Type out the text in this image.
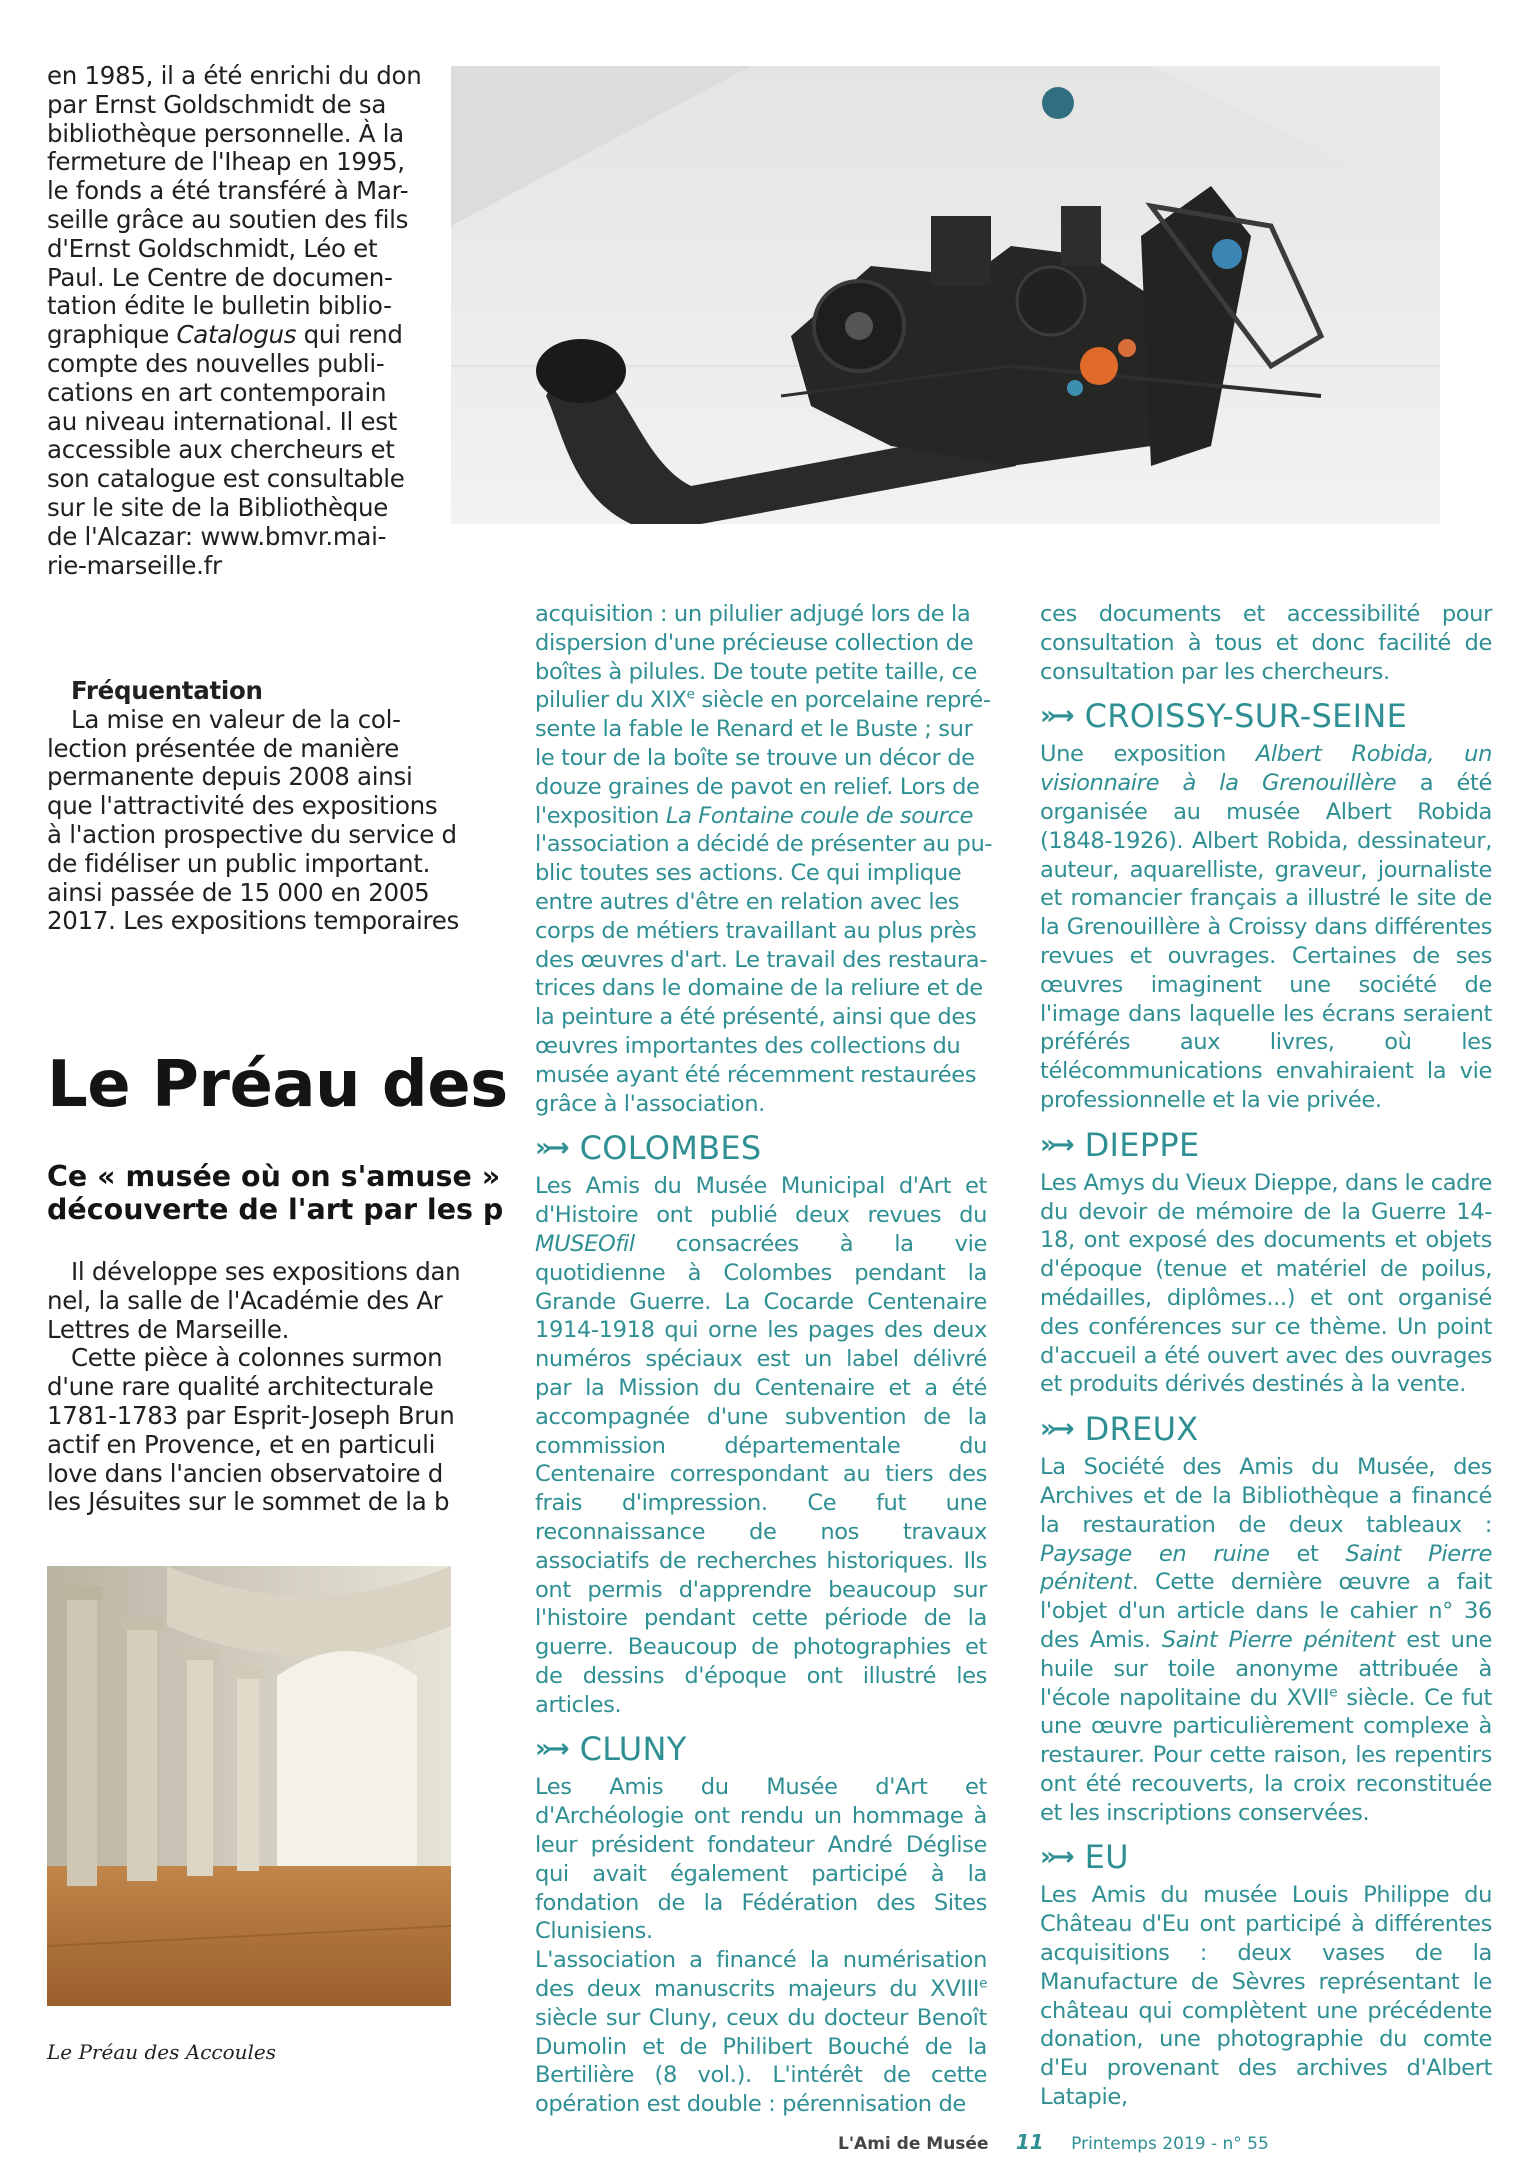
en 1985, il a été enrichi du don

par Ernst Goldschmidt de sa

bibliothèque personnelle. À la

fermeture de l'Iheap en 1995,

le fonds a été transféré à Mar-

seille grâce au soutien des fils

d'Ernst Goldschmidt, Léo et

Paul. Le Centre de documen-

tation édite le bulletin biblio-

graphique Catalogus qui rend

compte des nouvelles publi-

cations en art contemporain

au niveau international. Il est

accessible aux chercheurs et

son catalogue est consultable

sur le site de la Bibliothèque

de l'Alcazar: www.bmvr.mai-

rie-marseille.fr

Fréquentation

La mise en valeur de la col-

lection présentée de manière

permanente depuis 2008 ainsi

que l'attractivité des expositions

à l'action prospective du service d

de fidéliser un public important.

ainsi passée de 15 000 en 2005

2017. Les expositions temporaires

Le Préau des
Ce « musée où on s'amuse »
découverte de l'art par les p

Il développe ses expositions dan

nel, la salle de l'Académie des Ar

Lettres de Marseille.

Cette pièce à colonnes surmon

d'une rare qualité architecturale

1781-1783 par Esprit-Joseph Brun

actif en Provence, et en particuli

love dans l'ancien observatoire d

les Jésuites sur le sommet de la b

Le Préau des Accoules

acquisition : un pilulier adjugé lors de la

dispersion d'une précieuse collection de

boîtes à pilules. De toute petite taille, ce

pilulier du XIXe siècle en porcelaine repré-

sente la fable le Renard et le Buste ; sur

le tour de la boîte se trouve un décor de

douze graines de pavot en relief. Lors de

l'exposition La Fontaine coule de source

l'association a décidé de présenter au pu-

blic toutes ses actions. Ce qui implique

entre autres d'être en relation avec les

corps de métiers travaillant au plus près

des œuvres d'art. Le travail des restaura-

trices dans le domaine de la reliure et de

la peinture a été présenté, ainsi que des

œuvres importantes des collections du

musée ayant été récemment restaurées

grâce à l'association.

»→ COLOMBES

Les Amis du Musée Municipal d'Art et d'Histoire ont publié deux revues du MUSEOfil consacrées à la vie quotidienne à Colombes pendant la Grande Guerre. La Cocarde Centenaire 1914-1918 qui orne les pages des deux numéros spéciaux est un label délivré par la Mission du Centenaire et a été accompagnée d'une subvention de la commission départementale du Centenaire correspondant au tiers des frais d'impression. Ce fut une reconnaissance de nos travaux associatifs de recherches historiques. Ils ont permis d'apprendre beaucoup sur l'histoire pendant cette période de la guerre. Beaucoup de photographies et de dessins d'époque ont illustré les articles.

»→ CLUNY

Les Amis du Musée d'Art et d'Archéologie ont rendu un hommage à leur président fondateur André Déglise qui avait également participé à la fondation de la Fédération des Sites Clunisiens.

L'association a financé la numérisation des deux manuscrits majeurs du XVIIIe siècle sur Cluny, ceux du docteur Benoît Dumolin et de Philibert Bouché de la Bertilière (8 vol.). L'intérêt de cette opération est double : pérennisation de

ces documents et accessibilité pour consultation à tous et donc facilité de consultation par les chercheurs.

»→ CROISSY-SUR-SEINE

Une exposition Albert Robida, un visionnaire à la Grenouillère a été organisée au musée Albert Robida (1848-1926). Albert Robida, dessinateur, auteur, aquarelliste, graveur, journaliste et romancier français a illustré le site de la Grenouillère à Croissy dans différentes revues et ouvrages. Certaines de ses œuvres imaginent une société de l'image dans laquelle les écrans seraient préférés aux livres, où les télécommunications envahiraient la vie professionnelle et la vie privée.

»→ DIEPPE

Les Amys du Vieux Dieppe, dans le cadre du devoir de mémoire de la Guerre 14-18, ont exposé des documents et objets d'époque (tenue et matériel de poilus, médailles, diplômes...) et ont organisé des conférences sur ce thème. Un point d'accueil a été ouvert avec des ouvrages et produits dérivés destinés à la vente.

»→ DREUX

La Société des Amis du Musée, des Archives et de la Bibliothèque a financé la restauration de deux tableaux : Paysage en ruine et Saint Pierre pénitent. Cette dernière œuvre a fait l'objet d'un article dans le cahier n° 36 des Amis. Saint Pierre pénitent est une huile sur toile anonyme attribuée à l'école napolitaine du XVIIe siècle. Ce fut une œuvre particulièrement complexe à restaurer. Pour cette raison, les repentirs ont été recouverts, la croix reconstituée et les inscriptions conservées.

»→ EU

Les Amis du musée Louis Philippe du Château d'Eu ont participé à différentes acquisitions : deux vases de la Manufacture de Sèvres représentant le château qui complètent une précédente donation, une photographie du comte d'Eu provenant des archives d'Albert Latapie,

L'Ami de Musée 11 Printemps 2019 - n° 55
